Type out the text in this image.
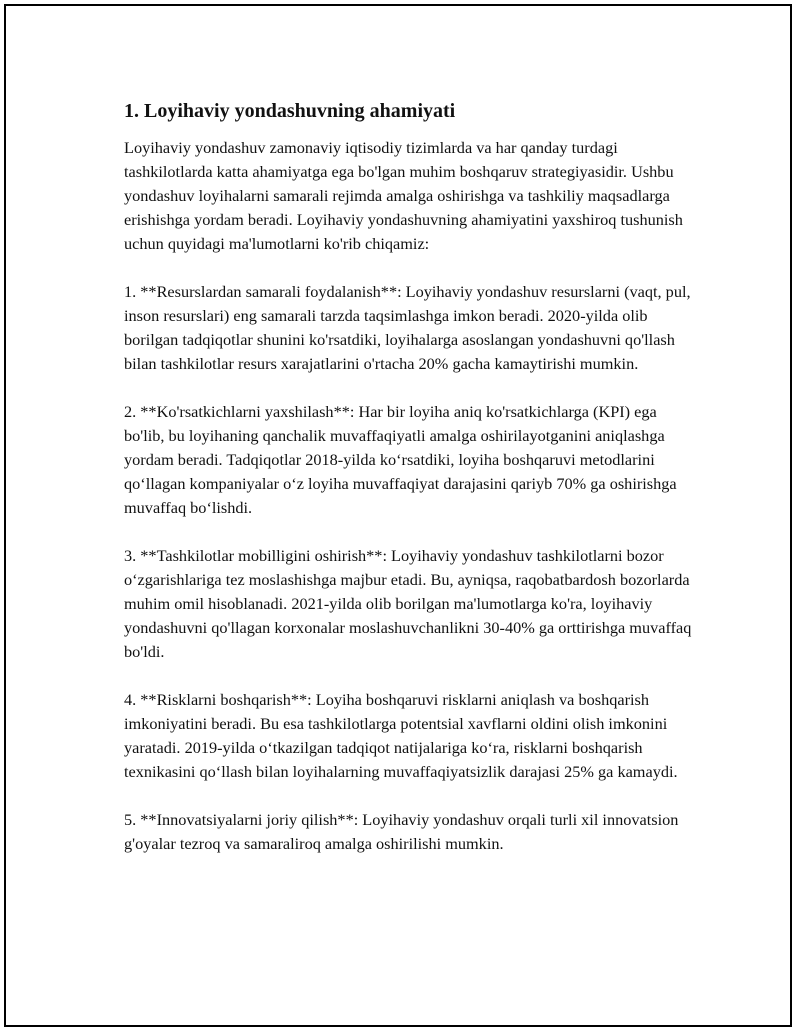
1. Loyihaviy yondashuvning ahamiyati

Loyihaviy yondashuv zamonaviy iqtisodiy tizimlarda va har qanday turdagi tashkilotlarda katta ahamiyatga ega bo'lgan muhim boshqaruv strategiyasidir. Ushbu yondashuv loyihalarni samarali rejimda amalga oshirishga va tashkiliy maqsadlarga erishishga yordam beradi. Loyihaviy yondashuvning ahamiyatini yaxshiroq tushunish uchun quyidagi ma'lumotlarni ko'rib chiqamiz:

1. **Resurslardan samarali foydalanish**: Loyihaviy yondashuv resurslarni (vaqt, pul, inson resurslari) eng samarali tarzda taqsimlashga imkon beradi. 2020-yilda olib borilgan tadqiqotlar shunini ko'rsatdiki, loyihalarga asoslangan yondashuvni qo'llash bilan tashkilotlar resurs xarajatlarini o'rtacha 20% gacha kamaytirishi mumkin.

2. **Ko'rsatkichlarni yaxshilash**: Har bir loyiha aniq ko'rsatkichlarga (KPI) ega bo'lib, bu loyihaning qanchalik muvaffaqiyatli amalga oshirilayotganini aniqlashga yordam beradi. Tadqiqotlar 2018-yilda ko‘rsatdiki, loyiha boshqaruvi metodlarini qo‘llagan kompaniyalar o‘z loyiha muvaffaqiyat darajasini qariyb 70% ga oshirishga muvaffaq bo‘lishdi.

3. **Tashkilotlar mobilligini oshirish**: Loyihaviy yondashuv tashkilotlarni bozor o‘zgarishlariga tez moslashishga majbur etadi. Bu, ayniqsa, raqobatbardosh bozorlarda muhim omil hisoblanadi. 2021-yilda olib borilgan ma'lumotlarga ko'ra, loyihaviy yondashuvni qo'llagan korxonalar moslashuvchanlikni 30-40% ga orttirishga muvaffaq bo'ldi.

4. **Risklarni boshqarish**: Loyiha boshqaruvi risklarni aniqlash va boshqarish imkoniyatini beradi. Bu esa tashkilotlarga potentsial xavflarni oldini olish imkonini yaratadi. 2019-yilda o‘tkazilgan tadqiqot natijalariga ko‘ra, risklarni boshqarish texnikasini qo‘llash bilan loyihalarning muvaffaqiyatsizlik darajasi 25% ga kamaydi.

5. **Innovatsiyalarni joriy qilish**: Loyihaviy yondashuv orqali turli xil innovatsion g'oyalar tezroq va samaraliroq amalga oshirilishi mumkin.
